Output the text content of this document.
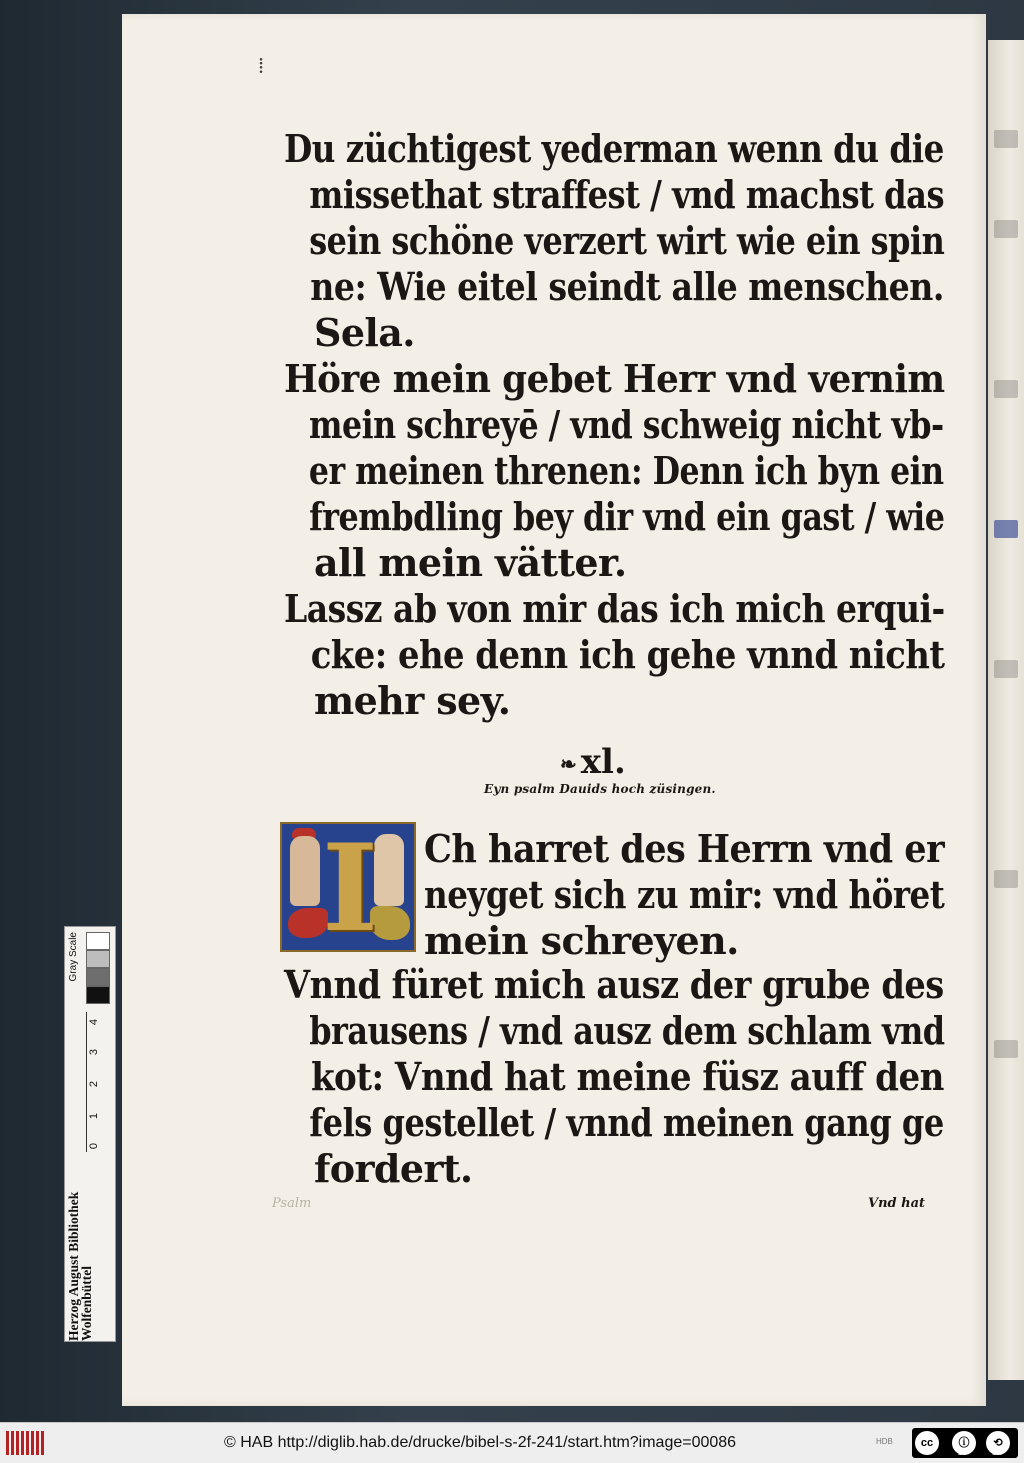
⁞
Du züchtigest yederman wenn du die
missethat straffest / vnd machst das
sein schöne verzert wirt wie ein spin
ne: Wie eitel seindt alle menschen.
Sela.
Höre mein gebet Herr vnd vernim
mein schreyē / vnd schweig nicht vb-
er meinen threnen: Denn ich byn ein
frembdling bey dir vnd ein gast / wie
all mein vätter.
Lassz ab von mir das ich mich erqui-
cke: ehe denn ich gehe vnnd nicht
mehr sey.
❧ xl.
Eyn psalm Dauids hoch züsingen.
I Ch harret des Herrn vnd er
neyget sich zu mir: vnd höret
mein schreyen.
Vnnd füret mich ausz der grube des
brausens / vnd ausz dem schlam vnd
kot: Vnnd hat meine füsz auff den
fels gestellet / vnnd meinen gang ge
fordert.
Psalm	Vnd hat
Herzog August Bibliothek
Wolfenbüttel
Gray Scale
0
1
2
3
4
© HAB http://diglib.hab.de/drucke/bibel-s-2f-241/start.htm?image=00086	HDB	cc	ⓘ	⟲
BY	SA
